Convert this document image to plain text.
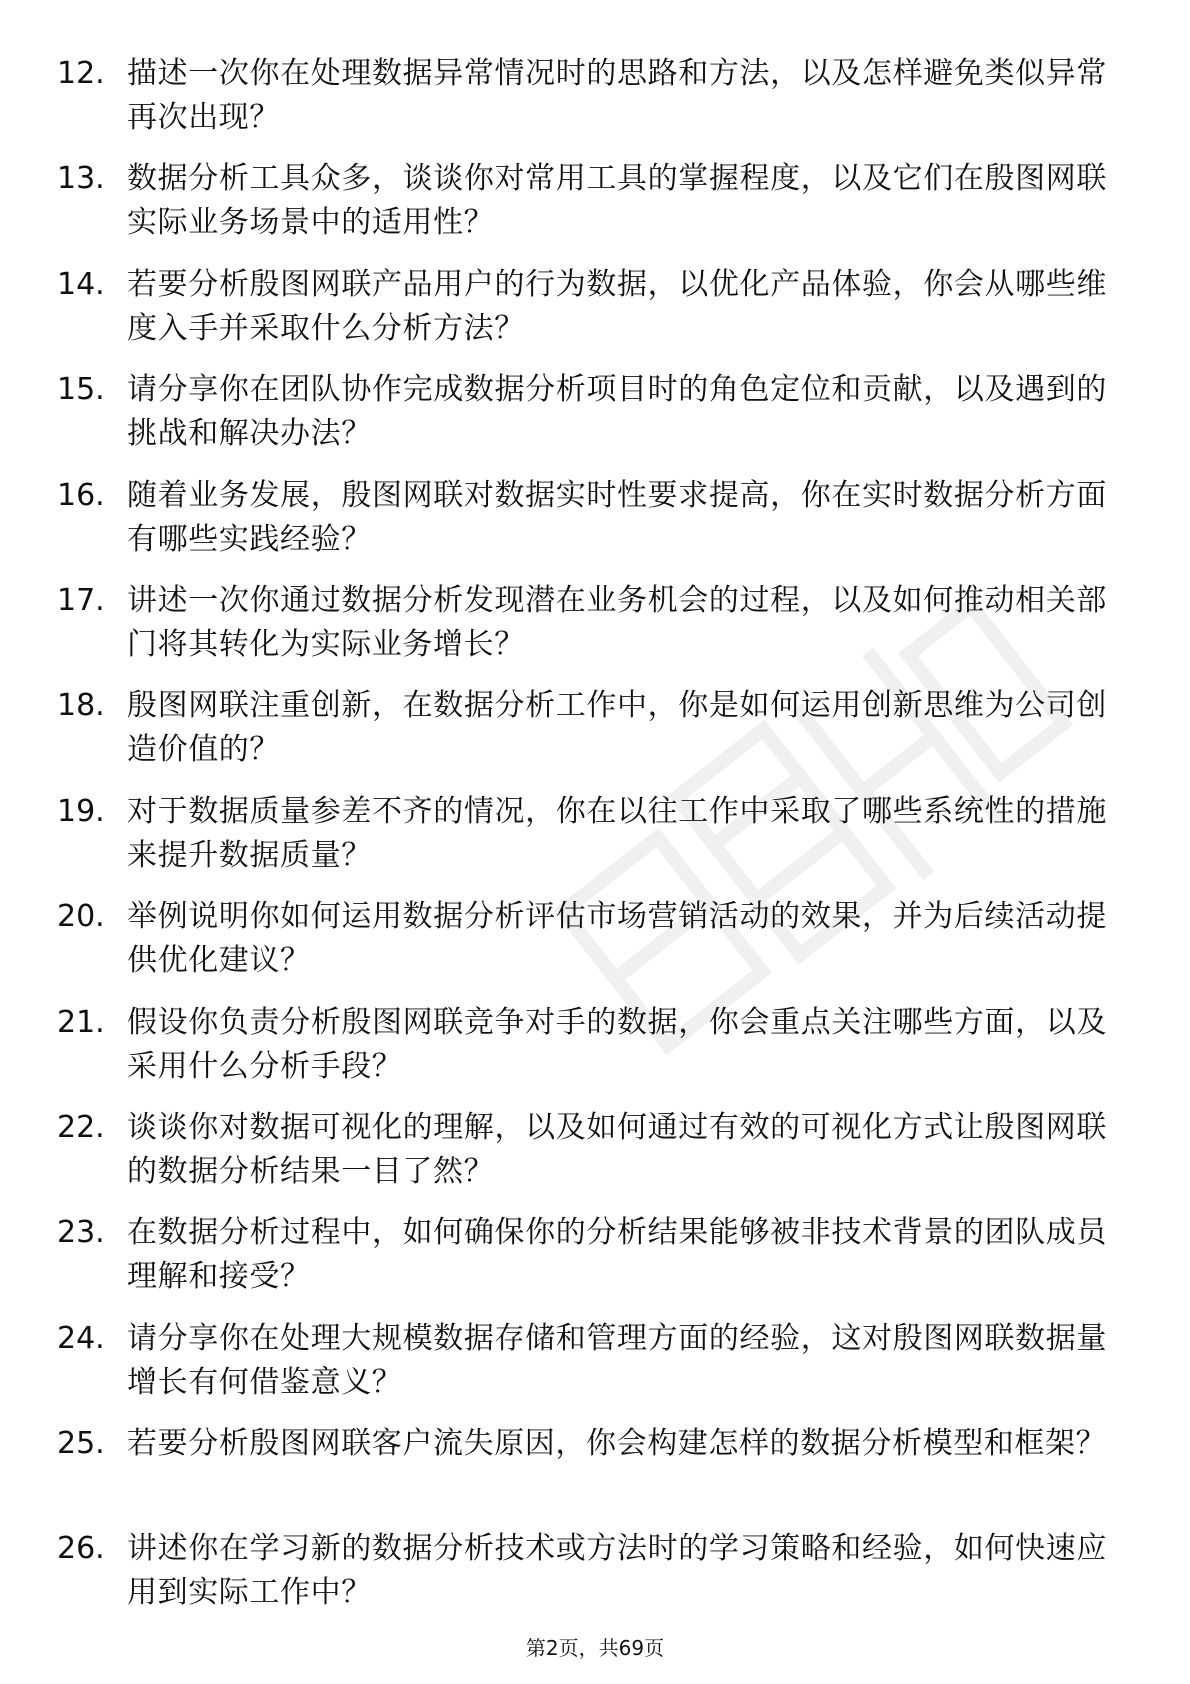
12. 描述一次你在处理数据异常情况时的思路和方法，以及怎样避免类似异常再次出现？
13. 数据分析工具众多，谈谈你对常用工具的掌握程度，以及它们在殷图网联实际业务场景中的适用性？
14. 若要分析殷图网联产品用户的行为数据，以优化产品体验，你会从哪些维度入手并采取什么分析方法？
15. 请分享你在团队协作完成数据分析项目时的角色定位和贡献，以及遇到的挑战和解决办法？
16. 随着业务发展，殷图网联对数据实时性要求提高，你在实时数据分析方面有哪些实践经验？
17. 讲述一次你通过数据分析发现潜在业务机会的过程，以及如何推动相关部门将其转化为实际业务增长？
18. 殷图网联注重创新，在数据分析工作中，你是如何运用创新思维为公司创造价值的？
19. 对于数据质量参差不齐的情况，你在以往工作中采取了哪些系统性的措施来提升数据质量？
20. 举例说明你如何运用数据分析评估市场营销活动的效果，并为后续活动提供优化建议？
21. 假设你负责分析殷图网联竞争对手的数据，你会重点关注哪些方面，以及采用什么分析手段？
22. 谈谈你对数据可视化的理解，以及如何通过有效的可视化方式让殷图网联的数据分析结果一目了然？
23. 在数据分析过程中，如何确保你的分析结果能够被非技术背景的团队成员理解和接受？
24. 请分享你在处理大规模数据存储和管理方面的经验，这对殷图网联数据量增长有何借鉴意义？
25. 若要分析殷图网联客户流失原因，你会构建怎样的数据分析模型和框架？
26. 讲述你在学习新的数据分析技术或方法时的学习策略和经验，如何快速应用到实际工作中？
第2页，共69页
